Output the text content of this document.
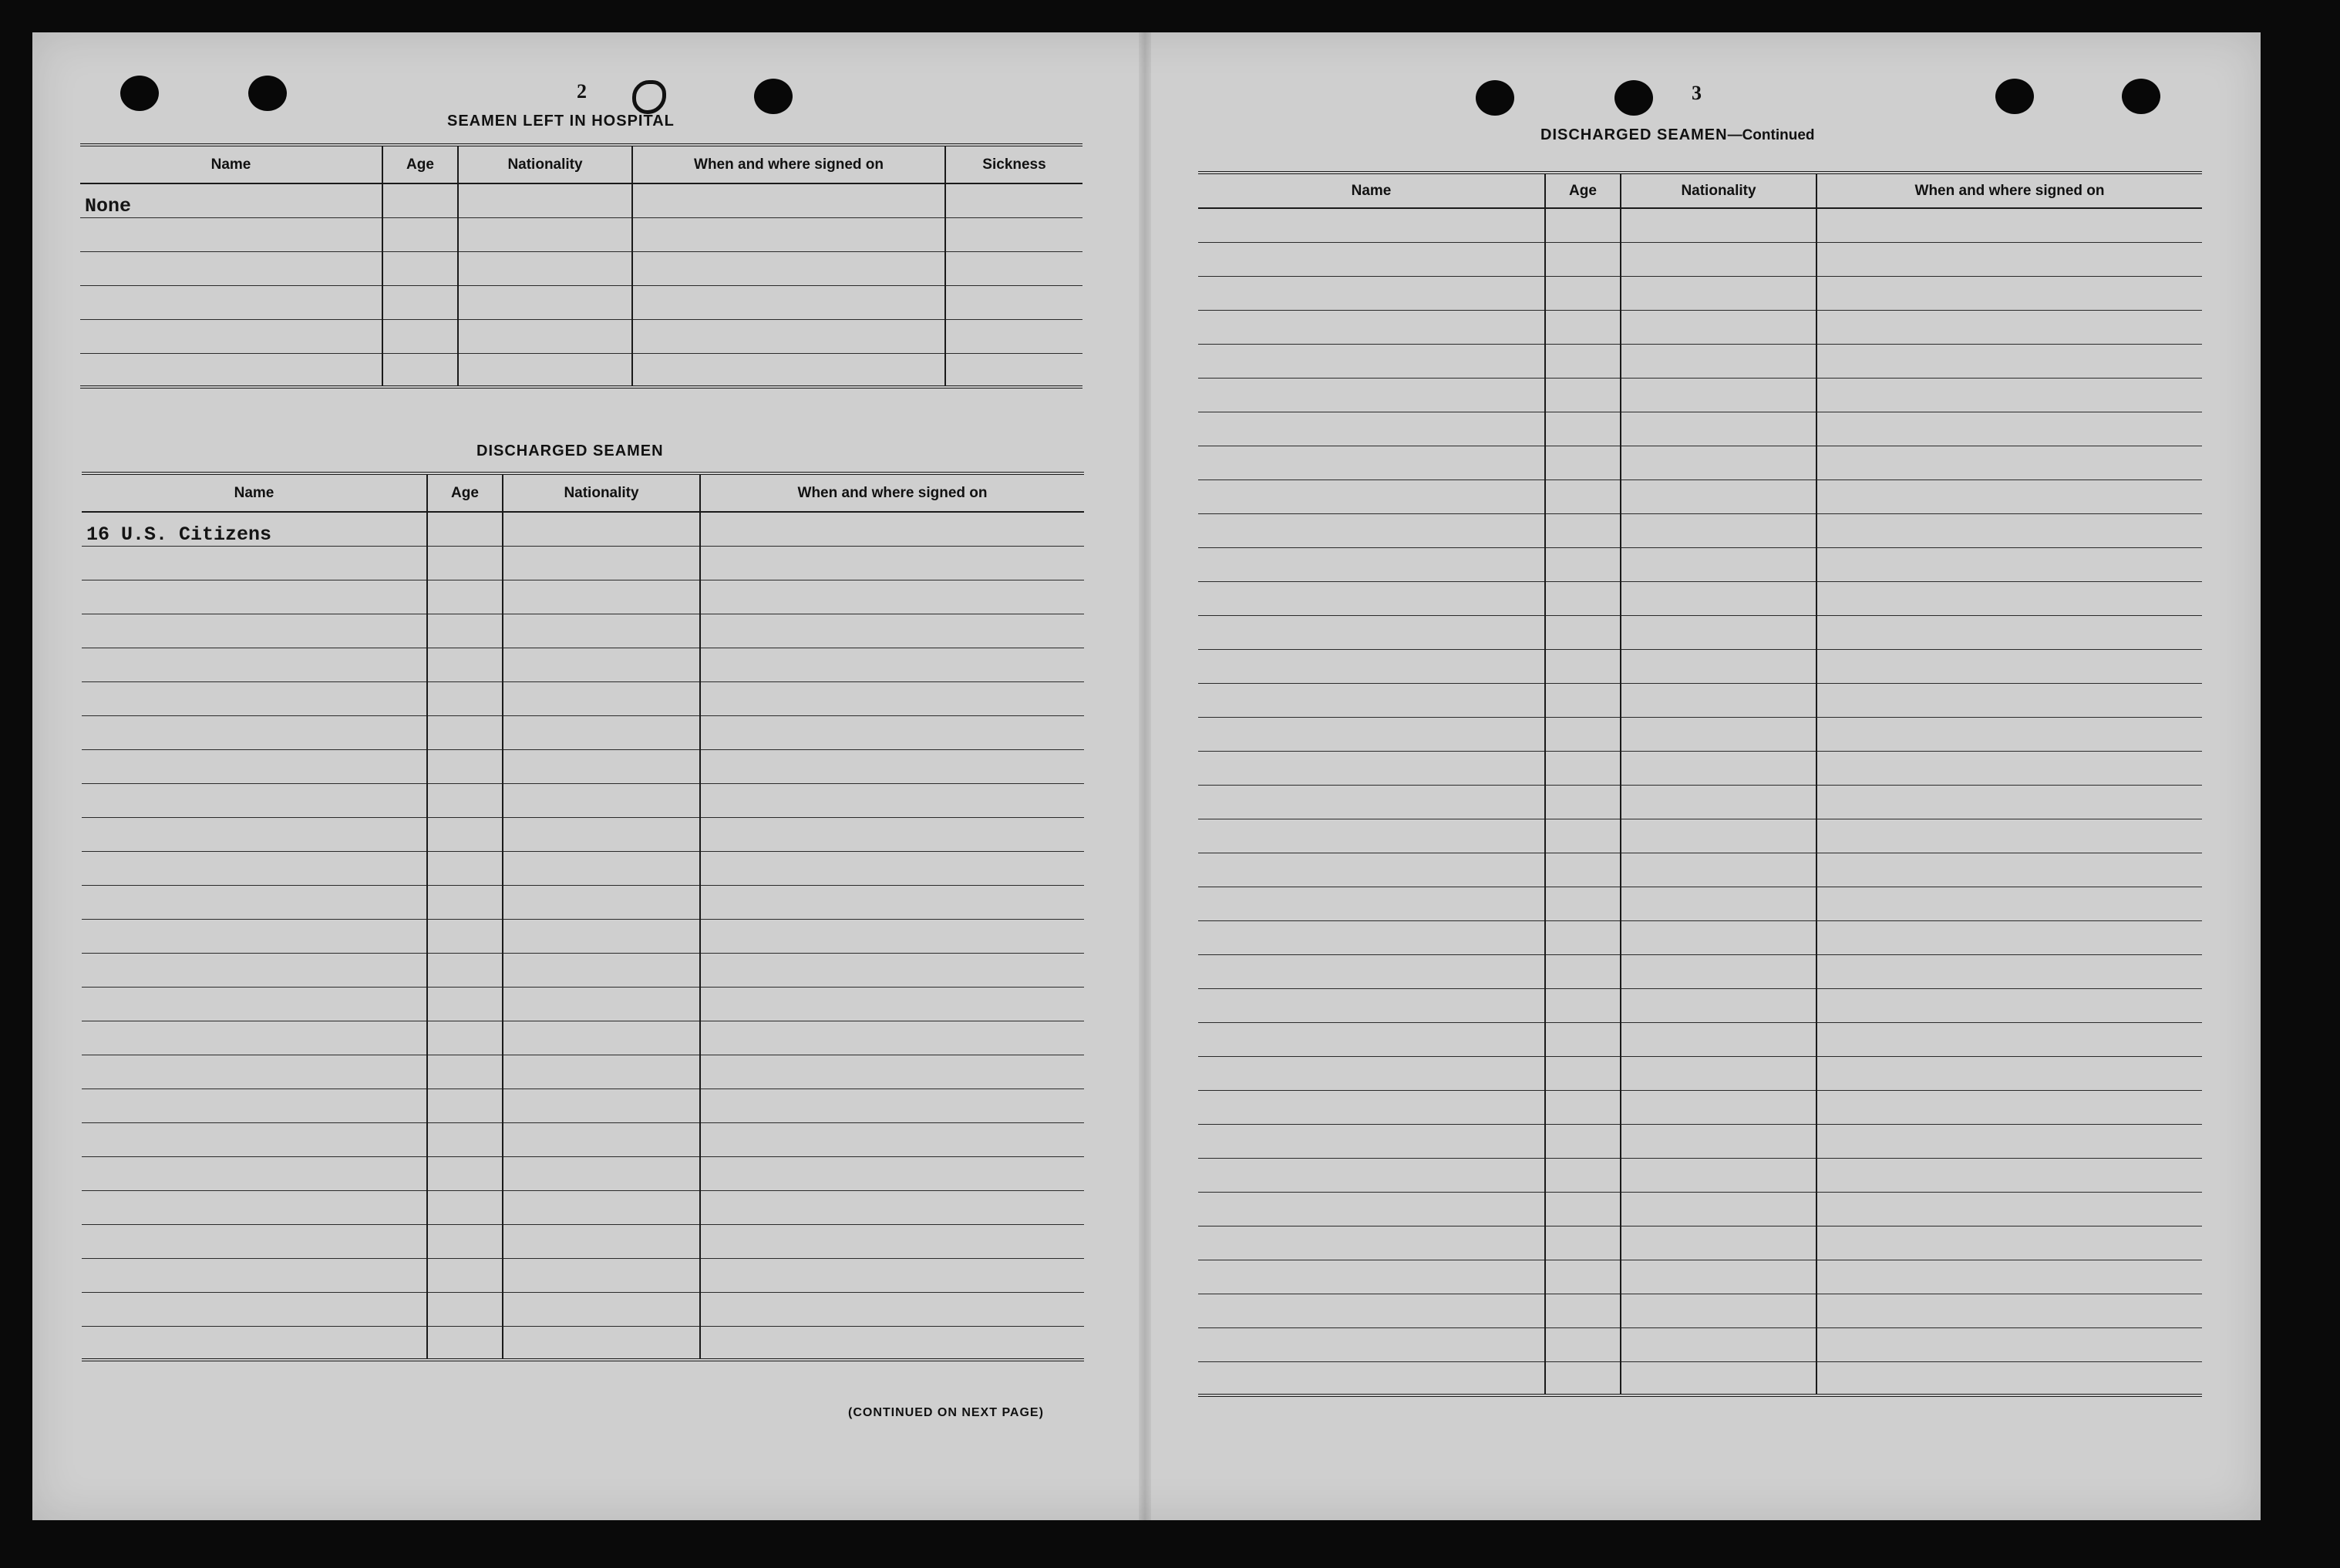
2
SEAMEN LEFT IN HOSPITAL
Name	Age	Nationality	When and where signed on	Sickness
None				

DISCHARGED SEAMEN
Name	Age	Nationality	When and where signed on
16 U.S. Citizens			

(CONTINUED ON NEXT PAGE)
3
DISCHARGED SEAMEN—Continued
Name	Age	Nationality	When and where signed on
